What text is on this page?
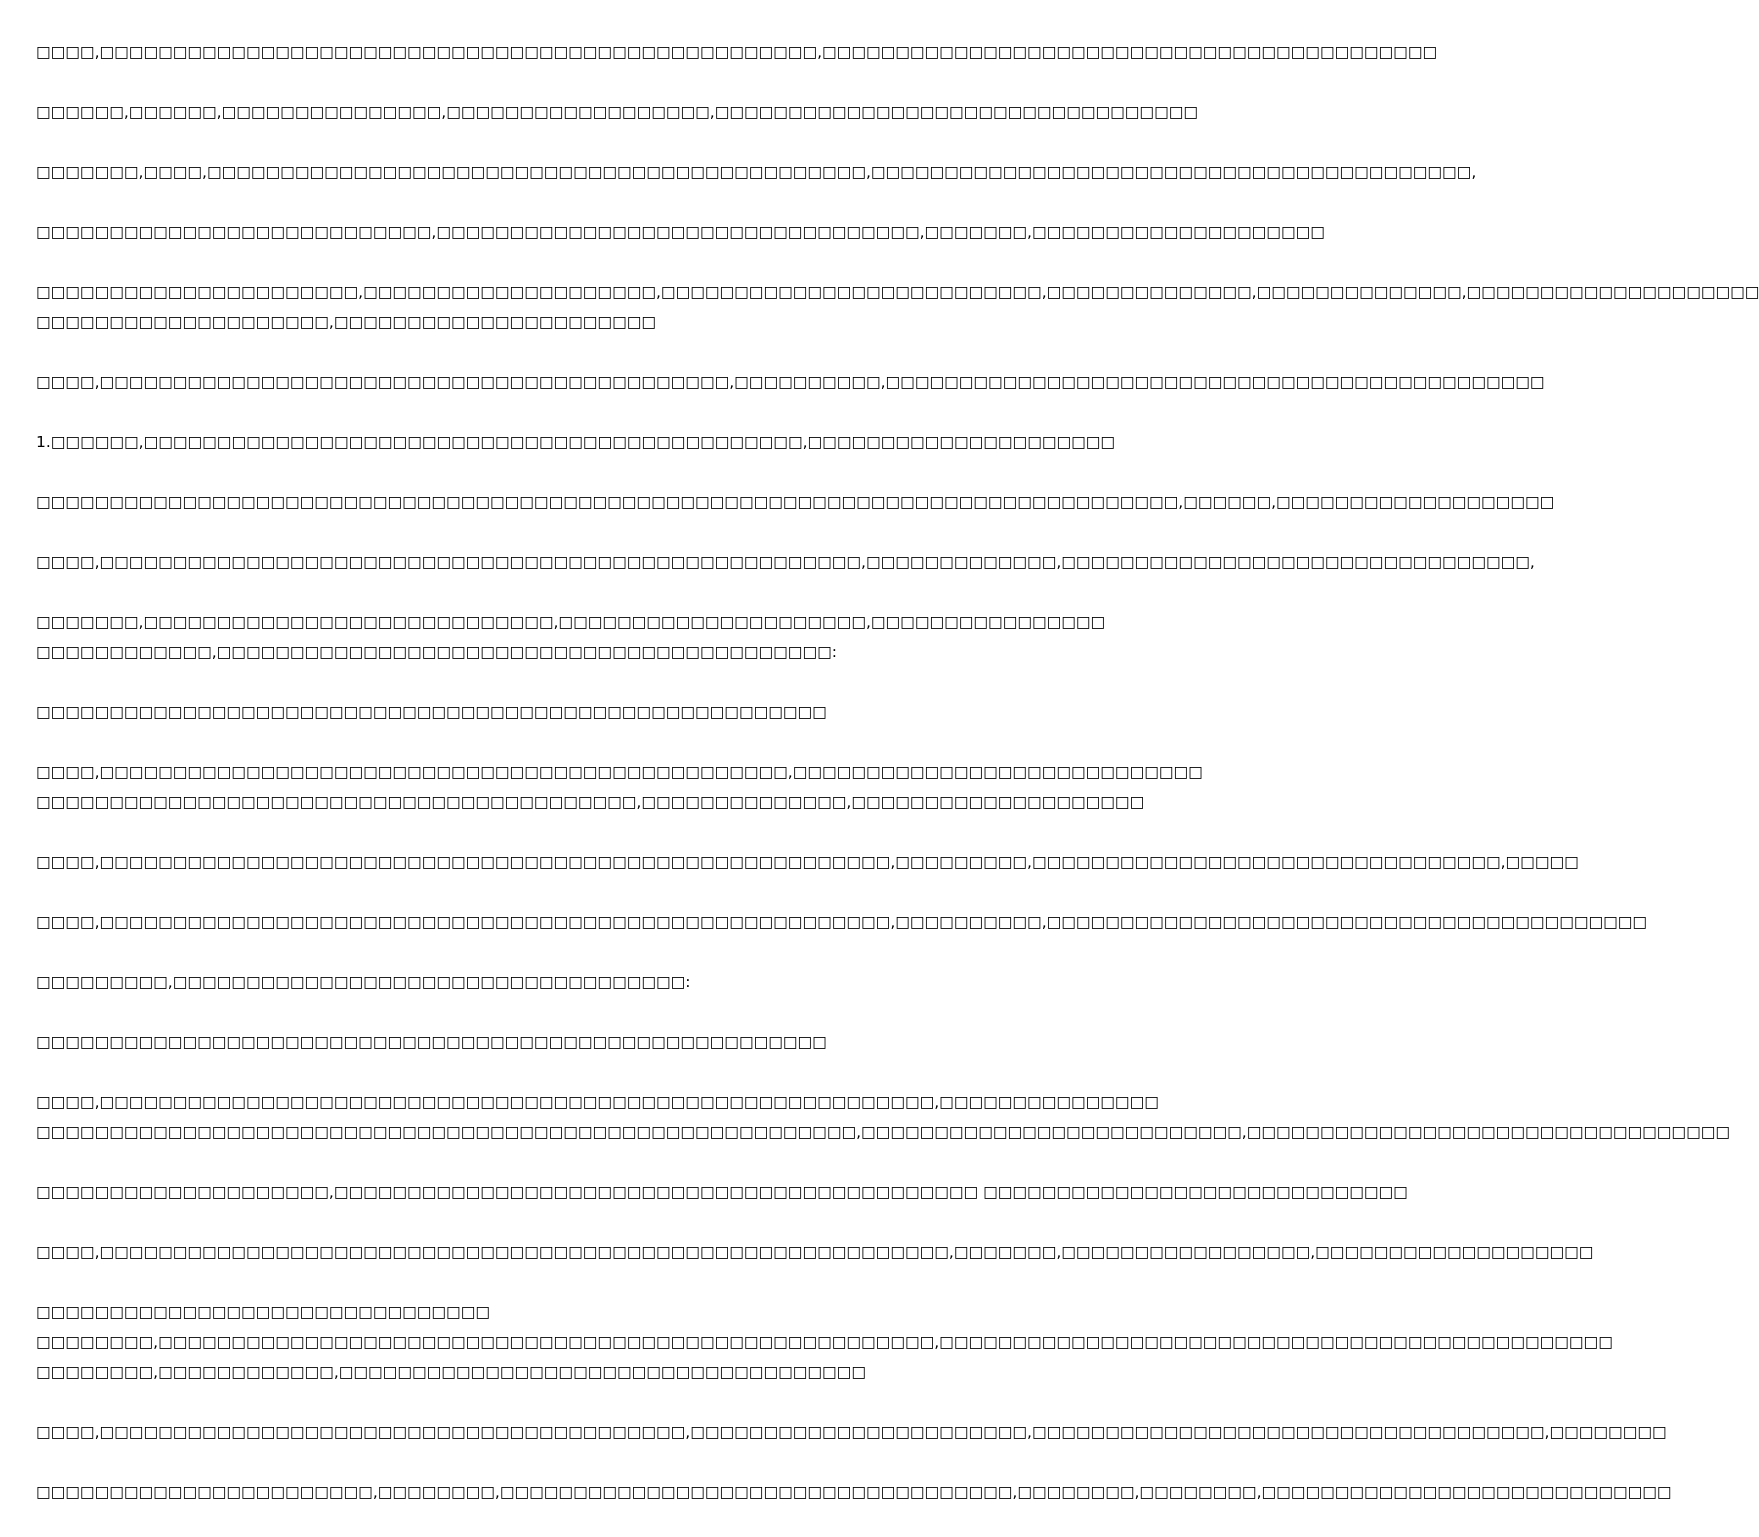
□□□□,□□□□□□□□□□□□□□□□□□□□□□□□□□□□□□□□□□□□□□□□□□□□□□□□□,□□□□□□□□□□□□□□□□□□□□□□□□□□□□□□□□□□□□□□□□□□

□□□□□□,□□□□□□,□□□□□□□□□□□□□□□,□□□□□□□□□□□□□□□□□□,□□□□□□□□□□□□□□□□□□□□□□□□□□□□□□□□□

□□□□□□□,□□□□,□□□□□□□□□□□□□□□□□□□□□□□□□□□□□□□□□□□□□□□□□□□□□,□□□□□□□□□□□□□□□□□□□□□□□□□□□□□□□□□□□□□□□□□,

□□□□□□□□□□□□□□□□□□□□□□□□□□□,□□□□□□□□□□□□□□□□□□□□□□□□□□□□□□□□□,□□□□□□□,□□□□□□□□□□□□□□□□□□□□

□□□□□□□□□□□□□□□□□□□□□□,□□□□□□□□□□□□□□□□□□□□,□□□□□□□□□□□□□□□□□□□□□□□□□□,□□□□□□□□□□□□□□,□□□□□□□□□□□□□□,□□□□□□□□□□□□□□□□□□□□
□□□□□□□□□□□□□□□□□□□□,□□□□□□□□□□□□□□□□□□□□□□

□□□□,□□□□□□□□□□□□□□□□□□□□□□□□□□□□□□□□□□□□□□□□□□□,□□□□□□□□□□,□□□□□□□□□□□□□□□□□□□□□□□□□□□□□□□□□□□□□□□□□□□□□

1.□□□□□□,□□□□□□□□□□□□□□□□□□□□□□□□□□□□□□□□□□□□□□□□□□□□□,□□□□□□□□□□□□□□□□□□□□□

□□□□□□□□□□□□□□□□□□□□□□□□□□□□□□□□□□□□□□□□□□□□□□□□□□□□□□□□□□□□□□□□□□□□□□□□□□□□□□,□□□□□□,□□□□□□□□□□□□□□□□□□□

□□□□,□□□□□□□□□□□□□□□□□□□□□□□□□□□□□□□□□□□□□□□□□□□□□□□□□□□□,□□□□□□□□□□□□□,□□□□□□□□□□□□□□□□□□□□□□□□□□□□□□□□,

□□□□□□□,□□□□□□□□□□□□□□□□□□□□□□□□□□□□,□□□□□□□□□□□□□□□□□□□□□,□□□□□□□□□□□□□□□□
□□□□□□□□□□□□,□□□□□□□□□□□□□□□□□□□□□□□□□□□□□□□□□□□□□□□□□□:

□□□□□□□□□□□□□□□□□□□□□□□□□□□□□□□□□□□□□□□□□□□□□□□□□□□□□□

□□□□,□□□□□□□□□□□□□□□□□□□□□□□□□□□□□□□□□□□□□□□□□□□□□□□,□□□□□□□□□□□□□□□□□□□□□□□□□□□□
□□□□□□□□□□□□□□□□□□□□□□□□□□□□□□□□□□□□□□□□□,□□□□□□□□□□□□□□,□□□□□□□□□□□□□□□□□□□□

□□□□,□□□□□□□□□□□□□□□□□□□□□□□□□□□□□□□□□□□□□□□□□□□□□□□□□□□□□□,□□□□□□□□□,□□□□□□□□□□□□□□□□□□□□□□□□□□□□□□□□,□□□□□

□□□□,□□□□□□□□□□□□□□□□□□□□□□□□□□□□□□□□□□□□□□□□□□□□□□□□□□□□□□,□□□□□□□□□□,□□□□□□□□□□□□□□□□□□□□□□□□□□□□□□□□□□□□□□□□□

□□□□□□□□□,□□□□□□□□□□□□□□□□□□□□□□□□□□□□□□□□□□□:

□□□□□□□□□□□□□□□□□□□□□□□□□□□□□□□□□□□□□□□□□□□□□□□□□□□□□□

□□□□,□□□□□□□□□□□□□□□□□□□□□□□□□□□□□□□□□□□□□□□□□□□□□□□□□□□□□□□□□,□□□□□□□□□□□□□□□
□□□□□□□□□□□□□□□□□□□□□□□□□□□□□□□□□□□□□□□□□□□□□□□□□□□□□□□□,□□□□□□□□□□□□□□□□□□□□□□□□□□,□□□□□□□□□□□□□□□□□□□□□□□□□□□□□□□□□

□□□□□□□□□□□□□□□□□□□□,□□□□□□□□□□□□□□□□□□□□□□□□□□□□□□□□□□□□□□□□□□□□ □□□□□□□□□□□□□□□□□□□□□□□□□□□□□

□□□□,□□□□□□□□□□□□□□□□□□□□□□□□□□□□□□□□□□□□□□□□□□□□□□□□□□□□□□□□□□,□□□□□□□,□□□□□□□□□□□□□□□□□,□□□□□□□□□□□□□□□□□□□

□□□□□□□□□□□□□□□□□□□□□□□□□□□□□□□
□□□□□□□□,□□□□□□□□□□□□□□□□□□□□□□□□□□□□□□□□□□□□□□□□□□□□□□□□□□□□□,□□□□□□□□□□□□□□□□□□□□□□□□□□□□□□□□□□□□□□□□□□□□□□
□□□□□□□□,□□□□□□□□□□□□,□□□□□□□□□□□□□□□□□□□□□□□□□□□□□□□□□□□□

□□□□,□□□□□□□□□□□□□□□□□□□□□□□□□□□□□□□□□□□□□□□□,□□□□□□□□□□□□□□□□□□□□□□□,□□□□□□□□□□□□□□□□□□□□□□□□□□□□□□□□□□□,□□□□□□□□

□□□□□□□□□□□□□□□□□□□□□□□,□□□□□□□□,□□□□□□□□□□□□□□□□□□□□□□□□□□□□□□□□□□□,□□□□□□□□,□□□□□□□□,□□□□□□□□□□□□□□□□□□□□□□□□□□□□
